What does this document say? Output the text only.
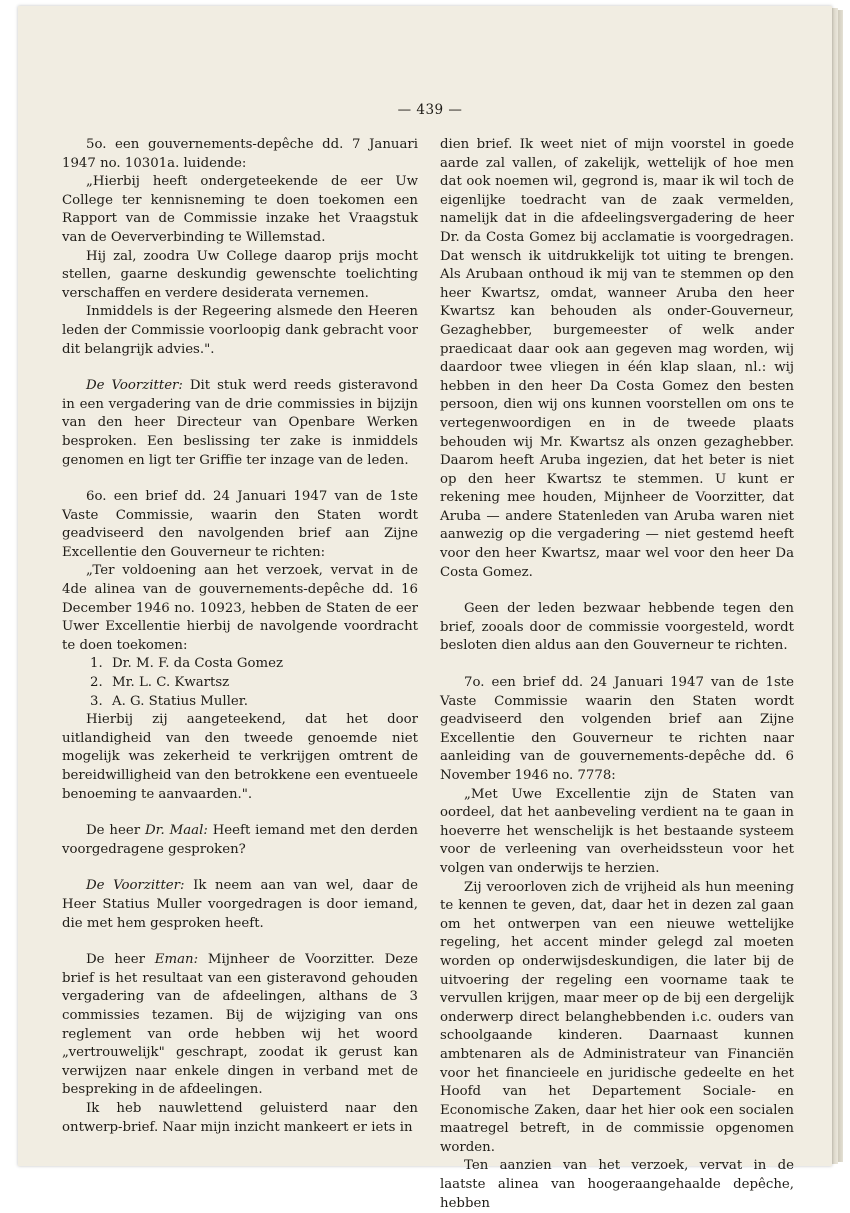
— 439 —

5o. een gouvernements-depêche dd. 7 Januari 1947 no. 10301a. luidende:

„Hierbij heeft ondergeteekende de eer Uw College ter kennisneming te doen toekomen een Rapport van de Commissie inzake het Vraagstuk van de Oeververbinding te Willemstad.

Hij zal, zoodra Uw College daarop prijs mocht stellen, gaarne deskundig gewenschte toelichting verschaffen en verdere desiderata vernemen.

Inmiddels is der Regeering alsmede den Heeren leden der Commissie voorloopig dank gebracht voor dit belangrijk advies.".

De Voorzitter: Dit stuk werd reeds gisteravond in een vergadering van de drie commissies in bijzijn van den heer Directeur van Openbare Werken besproken. Een beslissing ter zake is inmiddels genomen en ligt ter Griffie ter inzage van de leden.

6o. een brief dd. 24 Januari 1947 van de 1ste Vaste Commissie, waarin den Staten wordt geadviseerd den navolgenden brief aan Zijne Excellentie den Gouverneur te richten:

„Ter voldoening aan het verzoek, vervat in de 4de alinea van de gouvernements-depêche dd. 16 December 1946 no. 10923, hebben de Staten de eer Uwer Excellentie hierbij de navolgende voordracht te doen toekomen:

1. Dr. M. F. da Costa Gomez

2. Mr. L. C. Kwartsz

3. A. G. Statius Muller.

Hierbij zij aangeteekend, dat het door uitlandigheid van den tweede genoemde niet mogelijk was zekerheid te verkrijgen omtrent de bereidwilligheid van den betrokkene een eventueele benoeming te aanvaarden.".

De heer Dr. Maal: Heeft iemand met den derden voorgedragene gesproken?

De Voorzitter: Ik neem aan van wel, daar de Heer Statius Muller voorgedragen is door iemand, die met hem gesproken heeft.

De heer Eman: Mijnheer de Voorzitter. Deze brief is het resultaat van een gisteravond gehouden vergadering van de afdeelingen, althans de 3 commissies tezamen. Bij de wijziging van ons reglement van orde hebben wij het woord „vertrouwelijk" geschrapt, zoodat ik gerust kan verwijzen naar enkele dingen in verband met de bespreking in de afdeelingen.

Ik heb nauwlettend geluisterd naar den ontwerp-brief. Naar mijn inzicht mankeert er iets in

dien brief. Ik weet niet of mijn voorstel in goede aarde zal vallen, of zakelijk, wettelijk of hoe men dat ook noemen wil, gegrond is, maar ik wil toch de eigenlijke toedracht van de zaak vermelden, namelijk dat in die afdeelingsvergadering de heer Dr. da Costa Gomez bij acclamatie is voorgedragen. Dat wensch ik uitdrukkelijk tot uiting te brengen. Als Arubaan onthoud ik mij van te stemmen op den heer Kwartsz, omdat, wanneer Aruba den heer Kwartsz kan behouden als onder-Gouverneur, Gezaghebber, burgemeester of welk ander praedicaat daar ook aan gegeven mag worden, wij daardoor twee vliegen in één klap slaan, nl.: wij hebben in den heer Da Costa Gomez den besten persoon, dien wij ons kunnen voorstellen om ons te vertegenwoordigen en in de tweede plaats behouden wij Mr. Kwartsz als onzen gezaghebber. Daarom heeft Aruba ingezien, dat het beter is niet op den heer Kwartsz te stemmen. U kunt er rekening mee houden, Mijnheer de Voorzitter, dat Aruba — andere Statenleden van Aruba waren niet aanwezig op die vergadering — niet gestemd heeft voor den heer Kwartsz, maar wel voor den heer Da Costa Gomez.

Geen der leden bezwaar hebbende tegen den brief, zooals door de commissie voorgesteld, wordt besloten dien aldus aan den Gouverneur te richten.

7o. een brief dd. 24 Januari 1947 van de 1ste Vaste Commissie waarin den Staten wordt geadviseerd den volgenden brief aan Zijne Excellentie den Gouverneur te richten naar aanleiding van de gouvernements-depêche dd. 6 November 1946 no. 7778:

„Met Uwe Excellentie zijn de Staten van oordeel, dat het aanbeveling verdient na te gaan in hoeverre het wenschelijk is het bestaande systeem voor de verleening van overheidssteun voor het volgen van onderwijs te herzien.

Zij veroorloven zich de vrijheid als hun meening te kennen te geven, dat, daar het in dezen zal gaan om het ontwerpen van een nieuwe wettelijke regeling, het accent minder gelegd zal moeten worden op onderwijsdeskundigen, die later bij de uitvoering der regeling een voorname taak te vervullen krijgen, maar meer op de bij een dergelijk onderwerp direct belanghebbenden i.c. ouders van schoolgaande kinderen. Daarnaast kunnen ambtenaren als de Administrateur van Financiën voor het financieele en juridische gedeelte en het Hoofd van het Departement Sociale- en Economische Zaken, daar het hier ook een socialen maatregel betreft, in de commissie opgenomen worden.

Ten aanzien van het verzoek, vervat in de laatste alinea van hoogeraangehaalde depêche, hebben
